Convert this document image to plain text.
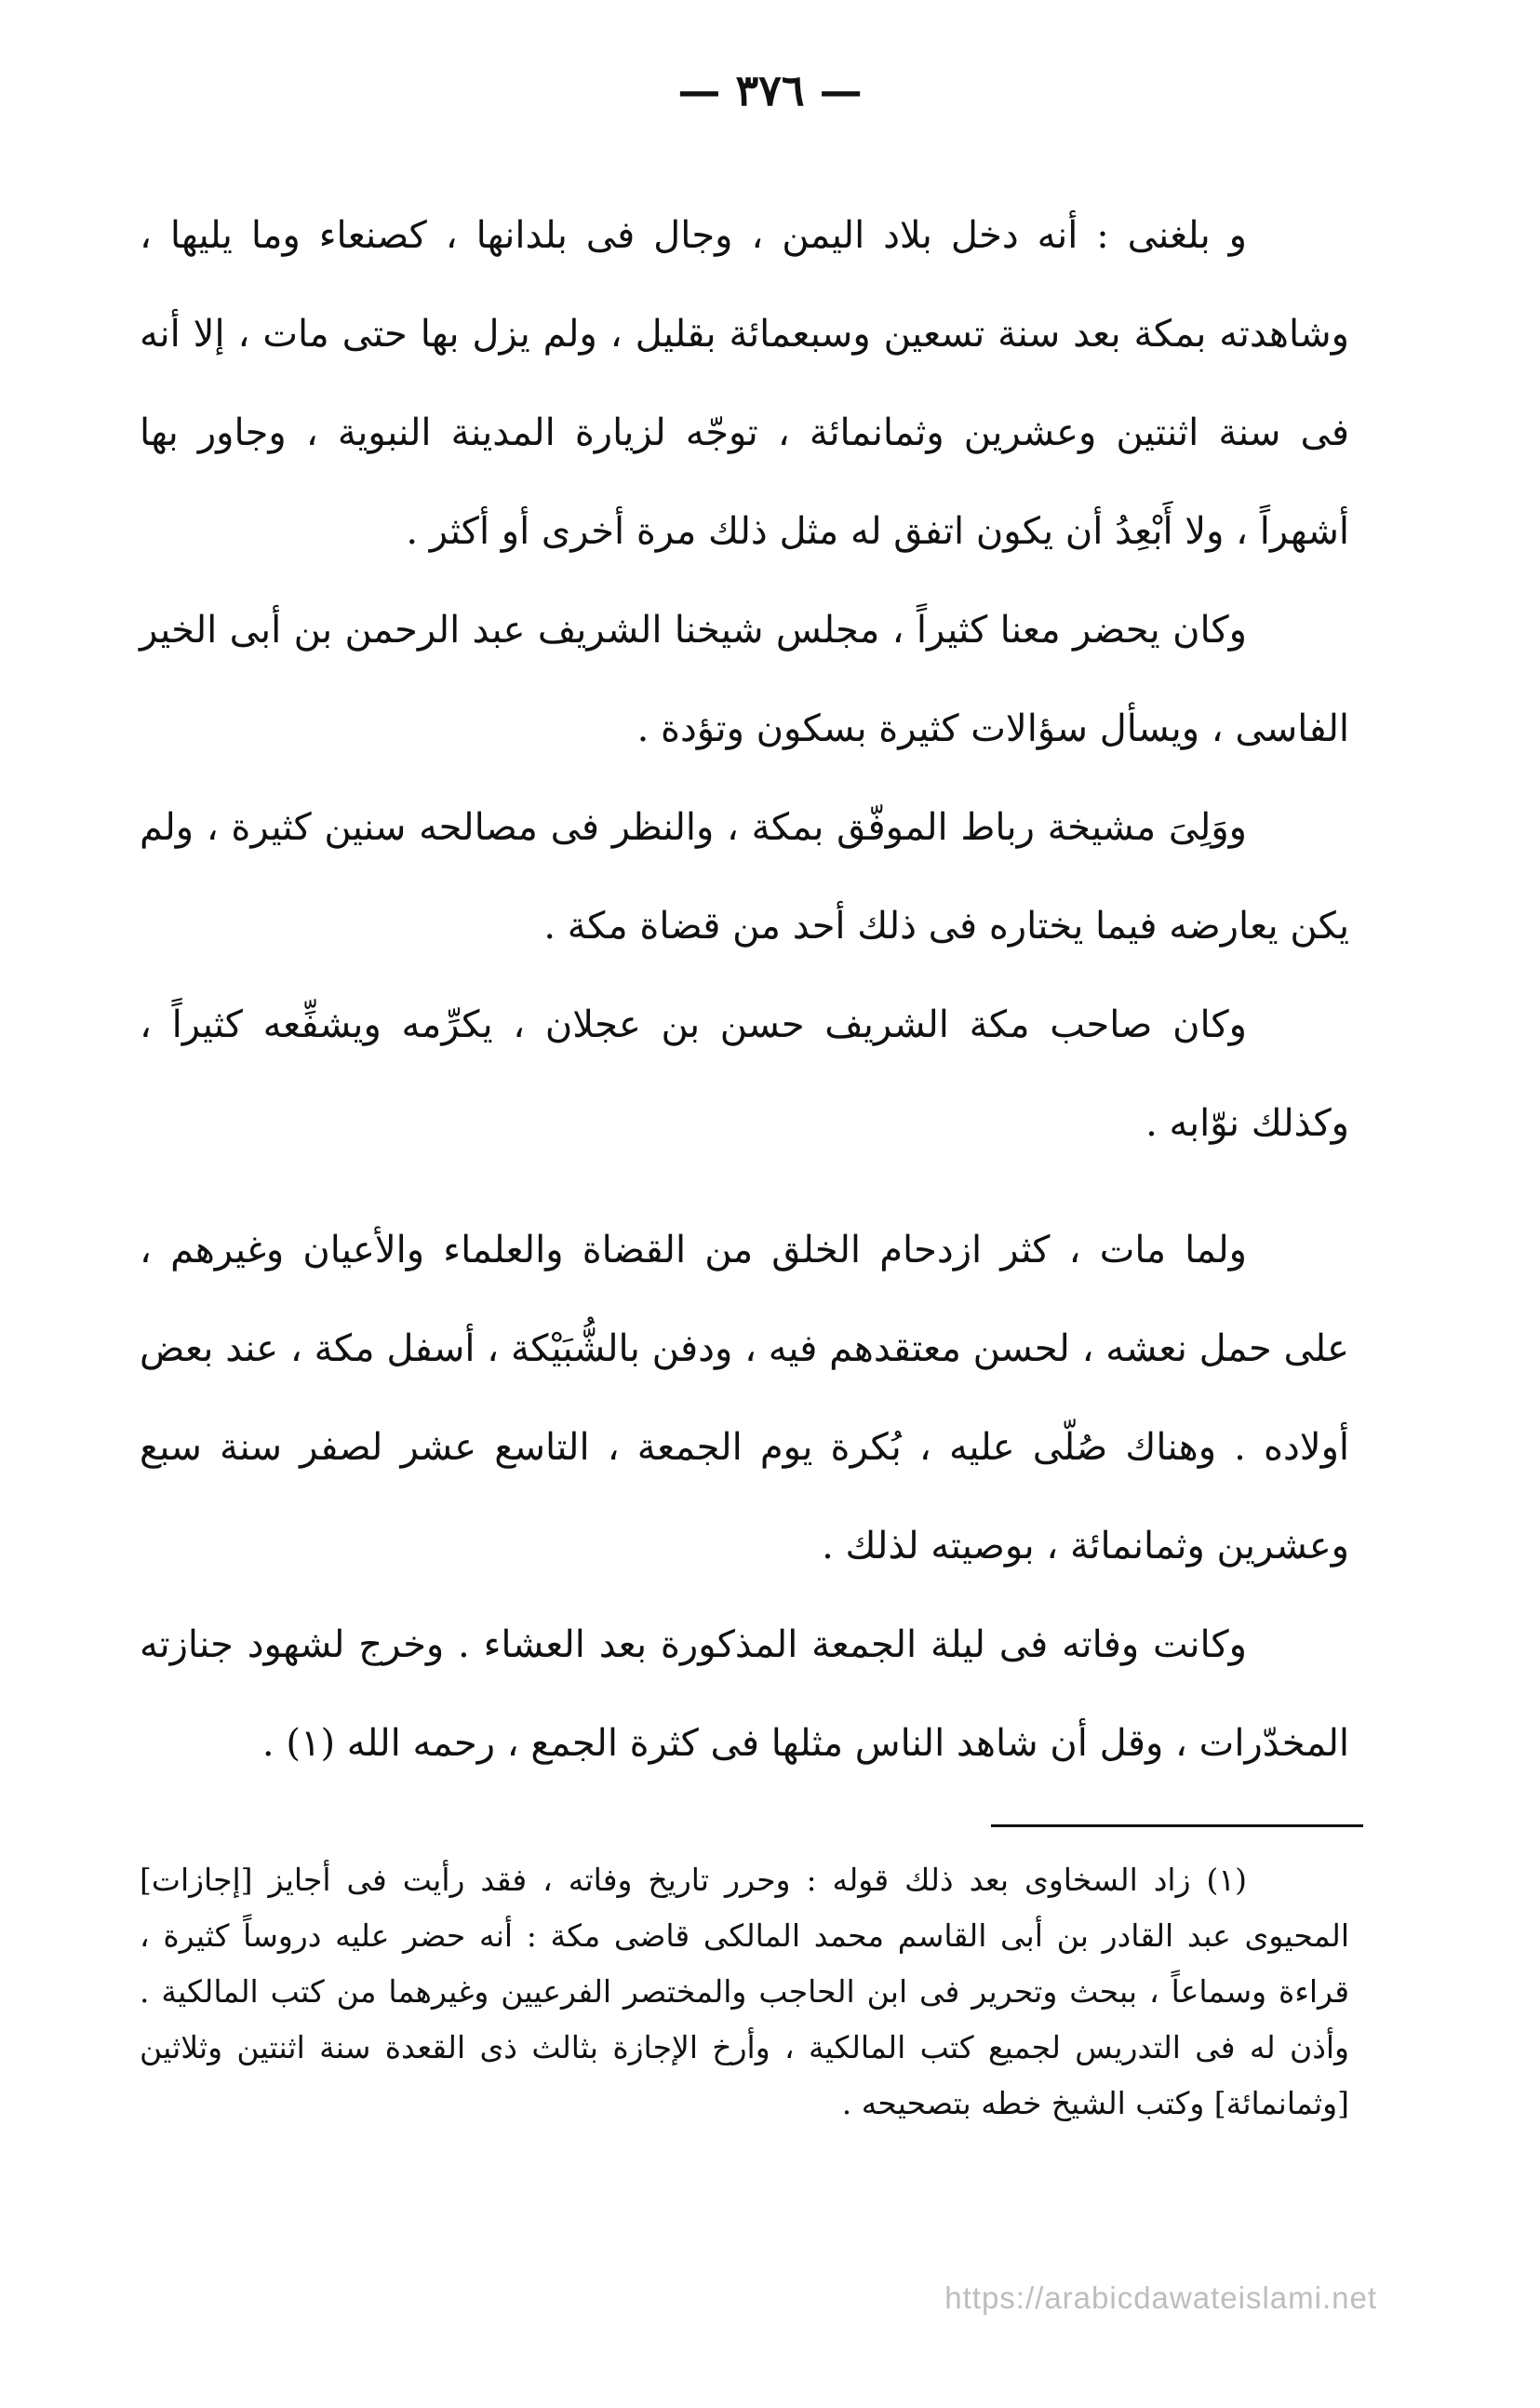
— ٣٧٦ —

و بلغنى : أنه دخل بلاد اليمن ، وجال فى بلدانها ، كصنعاء وما يليها ، وشاهدته بمكة بعد سنة تسعين وسبعمائة بقليل ، ولم يزل بها حتى مات ، إلا أنه فى سنة اثنتين وعشرين وثمانمائة ، توجّه لزيارة المدينة النبوية ، وجاور بها أشهراً ، ولا أَبْعِدُ أن يكون اتفق له مثل ذلك مرة أخرى أو أكثر .

وكان يحضر معنا كثيراً ، مجلس شيخنا الشريف عبد الرحمن بن أبى الخير الفاسى ، ويسأل سؤالات كثيرة بسكون وتؤدة .

ووَلِىَ مشيخة رباط الموفّق بمكة ، والنظر فى مصالحه سنين كثيرة ، ولم يكن يعارضه فيما يختاره فى ذلك أحد من قضاة مكة .

وكان صاحب مكة الشريف حسن بن عجلان ، يكرِّمه ويشفِّعه كثيراً ، وكذلك نوّابه .

ولما مات ، كثر ازدحام الخلق من القضاة والعلماء والأعيان وغيرهم ، على حمل نعشه ، لحسن معتقدهم فيه ، ودفن بالشُّبَيْكة ، أسفل مكة ، عند بعض أولاده . وهناك صُلّى عليه ، بُكرة يوم الجمعة ، التاسع عشر لصفر سنة سبع وعشرين وثمانمائة ، بوصيته لذلك .

وكانت وفاته فى ليلة الجمعة المذكورة بعد العشاء . وخرج لشهود جنازته المخدّرات ، وقل أن شاهد الناس مثلها فى كثرة الجمع ، رحمه الله (١) .

(١) زاد السخاوى بعد ذلك قوله : وحرر تاريخ وفاته ، فقد رأيت فى أجايز [إجازات] المحيوى عبد القادر بن أبى القاسم محمد المالكى قاضى مكة : أنه حضر عليه دروساً كثيرة ، قراءة وسماعاً ، ببحث وتحرير فى ابن الحاجب والمختصر الفرعيين وغيرهما من كتب المالكية . وأذن له فى التدريس لجميع كتب المالكية ، وأرخ الإجازة بثالث ذى القعدة سنة اثنتين وثلاثين [وثمانمائة] وكتب الشيخ خطه بتصحيحه .

https://arabicdawateislami.net
